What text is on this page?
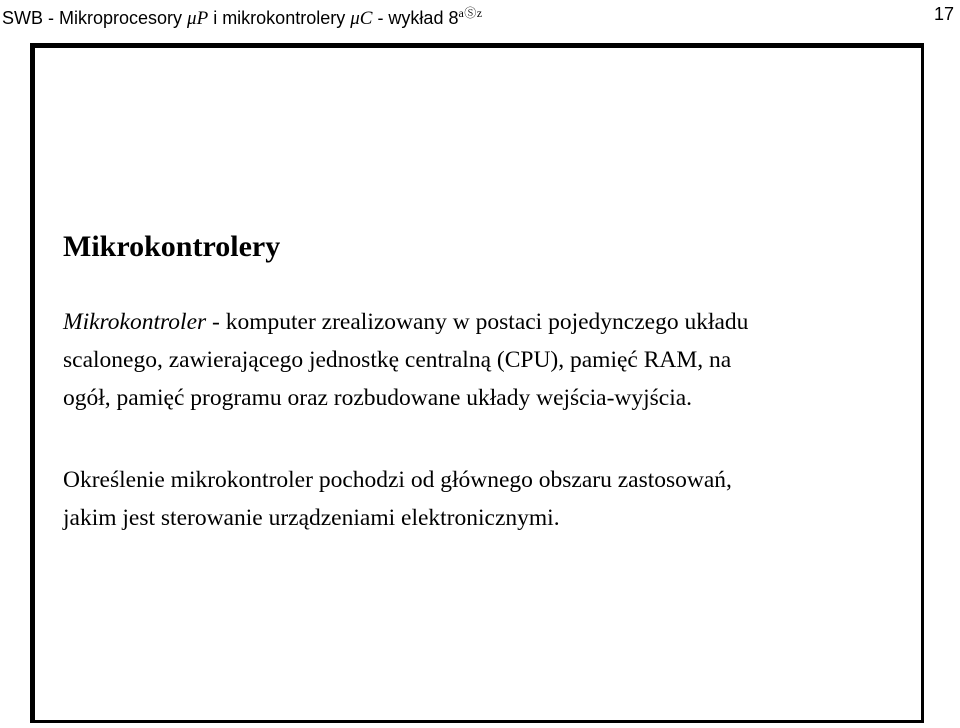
SWB - Mikroprocesory μP i mikrokontrolery μC - wykład $8^{aⓈz}$	17
Mikrokontrolery
Mikrokontroler - komputer zrealizowany w postaci pojedynczego układu
scalonego, zawierającego jednostkę centralną (CPU), pamięć RAM, na
ogół, pamięć programu oraz rozbudowane układy wejścia-wyjścia.
Określenie mikrokontroler pochodzi od głównego obszaru zastosowań,
jakim jest sterowanie urządzeniami elektronicznymi.
